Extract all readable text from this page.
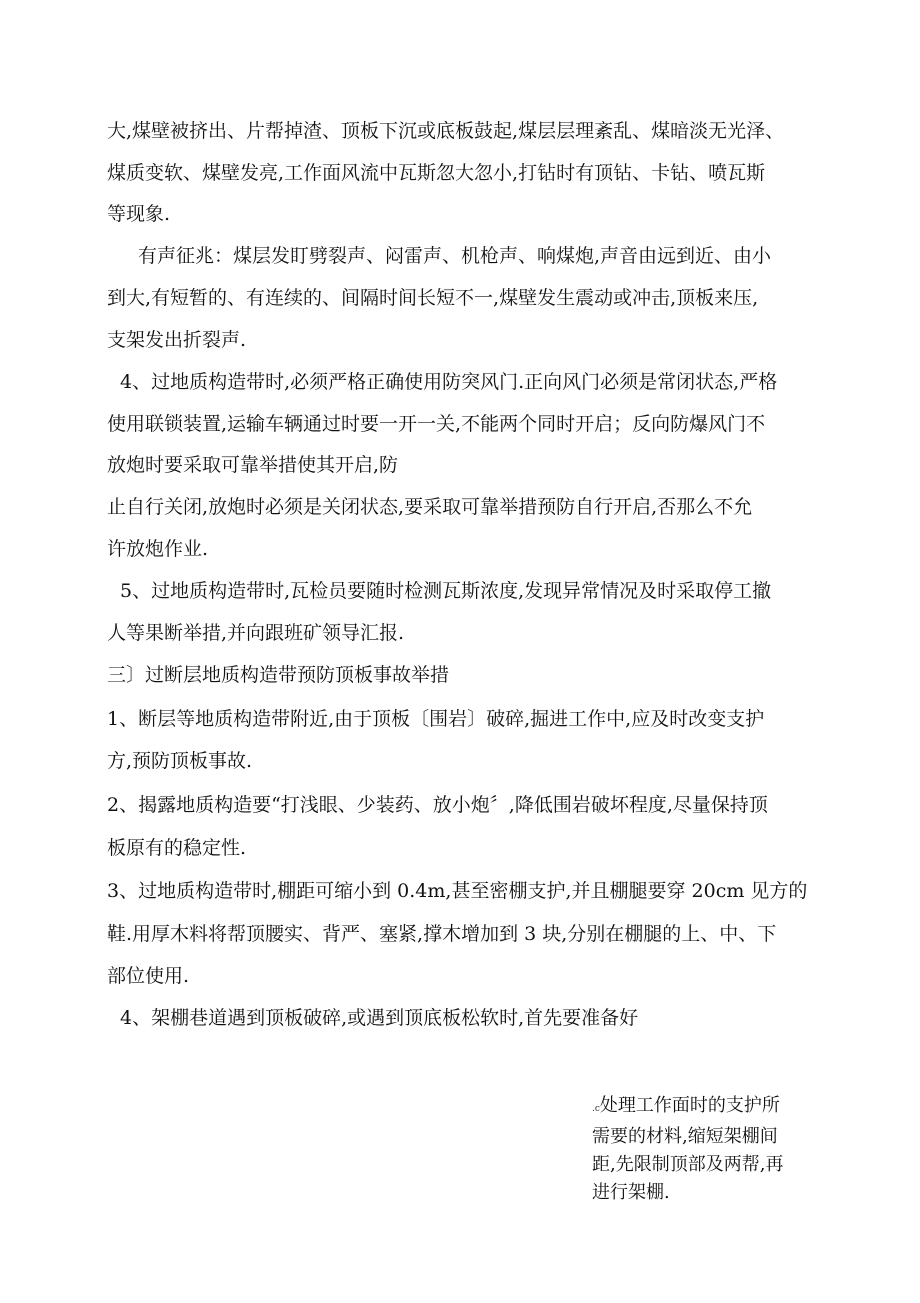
大,煤壁被挤出、片帮掉渣、顶板下沉或底板鼓起,煤层层理紊乱、煤暗淡无光泽、
煤质变软、煤壁发亮,工作面风流中瓦斯忽大忽小,打钻时有顶钻、卡钻、喷瓦斯
等现象.
有声征兆：煤层发盯劈裂声、闷雷声、机枪声、响煤炮,声音由远到近、由小
到大,有短暂的、有连续的、间隔时间长短不一,煤壁发生震动或冲击,顶板来压,
支架发出折裂声.
4、过地质构造带时,必须严格正确使用防突风门.正向风门必须是常闭状态,严格
使用联锁装置,运输车辆通过时要一开一关,不能两个同时开启；反向防爆风门不
放炮时要采取可靠举措使其开启,防
止自行关闭,放炮时必须是关闭状态,要采取可靠举措预防自行开启,否那么不允
许放炮作业.
5、过地质构造带时,瓦检员要随时检测瓦斯浓度,发现异常情况及时采取停工撤
人等果断举措,并向跟班矿领导汇报.
三〕过断层地质构造带预防顶板事故举措
1、断层等地质构造带附近,由于顶板〔围岩〕破碎,掘进工作中,应及时改变支护
方,预防顶板事故.
2、揭露地质构造要“打浅眼、少装药、放小炮〞,降低围岩破坏程度,尽量保持顶
板原有的稳定性.
3、过地质构造带时,棚距可缩小到 0.4m,甚至密棚支护,并且棚腿要穿 20cm 见方的
鞋.用厚木料将帮顶腰实、背严、塞紧,撑木增加到 3 块,分别在棚腿的上、中、下
部位使用.
4、架棚巷道遇到顶板破碎,或遇到顶底板松软时,首先要准备好
.c处理工作面时的支护所
需要的材料,缩短架棚间
距,先限制顶部及两帮,再
进行架棚.
